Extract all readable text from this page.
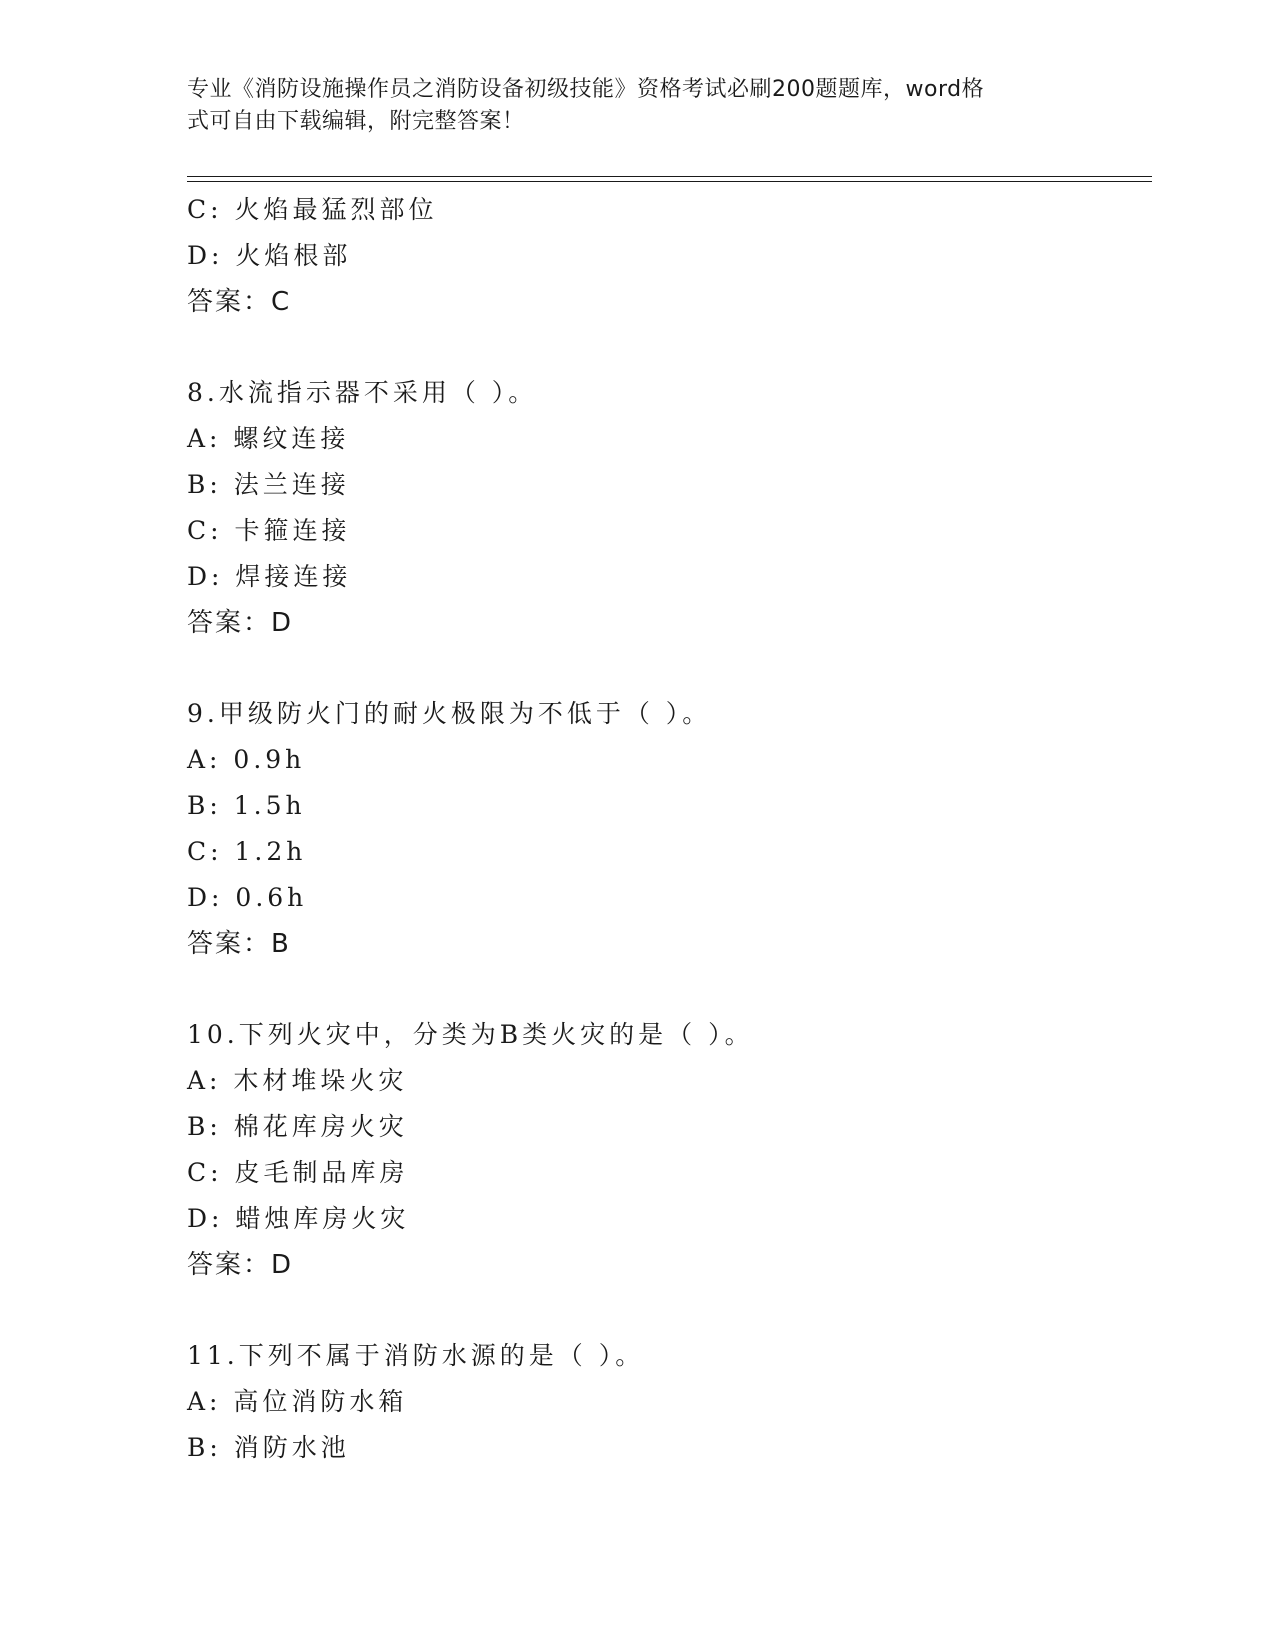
专业《消防设施操作员之消防设备初级技能》资格考试必刷200题题库，word格
式可自由下载编辑，附完整答案！
C: 火焰最猛烈部位
D: 火焰根部
答案：C
8.水流指示器不采用（ ）。
A: 螺纹连接
B: 法兰连接
C: 卡箍连接
D: 焊接连接
答案：D
9.甲级防火门的耐火极限为不低于（ ）。
A: 0.9h
B: 1.5h
C: 1.2h
D: 0.6h
答案：B
10.下列火灾中，分类为B类火灾的是（ ）。
A: 木材堆垛火灾
B: 棉花库房火灾
C: 皮毛制品库房
D: 蜡烛库房火灾
答案：D
11.下列不属于消防水源的是（ ）。
A: 高位消防水箱
B: 消防水池
